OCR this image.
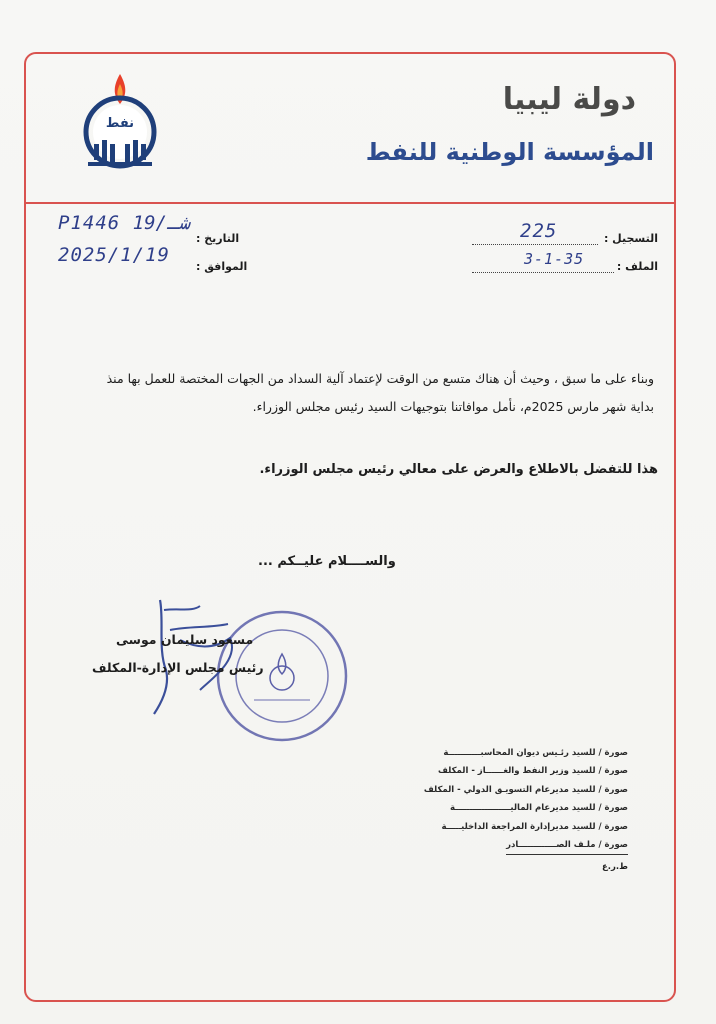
نفط
دولة ليبيا
المؤسسة الوطنية للنفط
التاريخ :
الموافق :
P1446 شـ/19
2025/1/19
التسجيل :
الملف :
225
3-1-35
وبناء على ما سبق ، وحيث أن هناك متسع من الوقت لإعتماد آلية السداد من الجهات المختصة للعمل بها منذ
بداية شهر مارس 2025م، نأمل موافاتنا بتوجيهات السيد رئيس مجلس الوزراء.
هذا للتفضل بالاطلاع والعرض على معالي رئيس مجلس الوزراء.
والســــلام عليــكم ...
مسعود سليمان موسى
رئيس مجلس الإدارة-المكلف
صورة / للسيد رئـيس ديوان المحاسبـــــــــــة
صورة / للسيد وزير النفط والغــــــاز - المكلف
صورة / للسيد مديرعام التسويـق الدولي - المكلف
صورة / للسيد مديرعام الماليـــــــــــــــــــة
صورة / للسيد مديرإدارة المراجعة الداخليـــــة
صورة / ملـف الصـــــــــــــادر
ط.ر.ع
